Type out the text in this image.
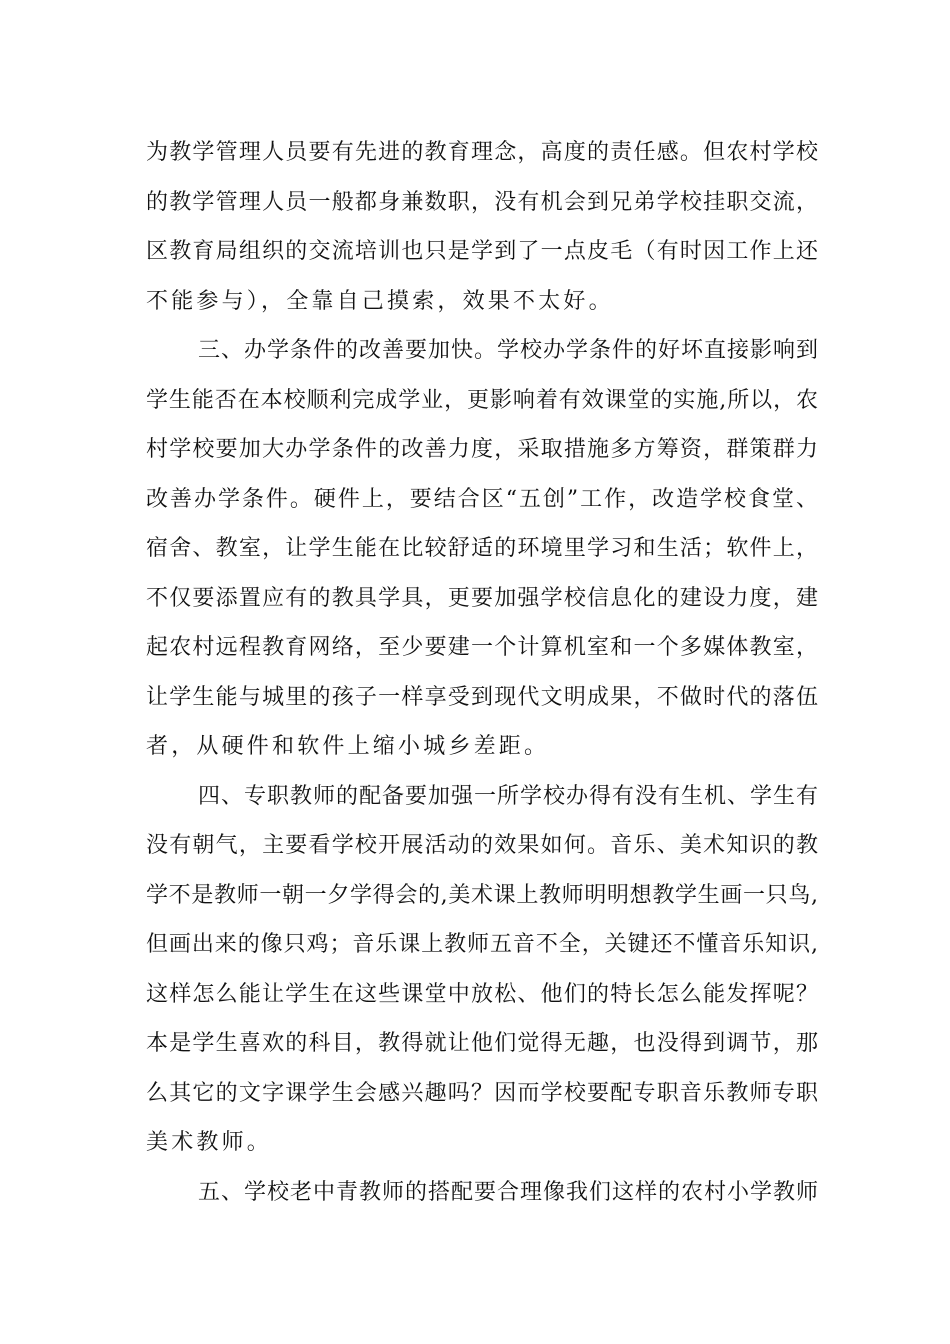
为教学管理人员要有先进的教育理念，高度的责任感。但农村学校
的教学管理人员一般都身兼数职，没有机会到兄弟学校挂职交流，
区教育局组织的交流培训也只是学到了一点皮毛（有时因工作上还
不能参与），全靠自己摸索，效果不太好。
三、办学条件的改善要加快。学校办学条件的好坏直接影响到
学生能否在本校顺利完成学业，更影响着有效课堂的实施,所以，农
村学校要加大办学条件的改善力度，采取措施多方筹资，群策群力
改善办学条件。硬件上，要结合区“五创”工作，改造学校食堂、
宿舍、教室，让学生能在比较舒适的环境里学习和生活；软件上，
不仅要添置应有的教具学具，更要加强学校信息化的建设力度，建
起农村远程教育网络，至少要建一个计算机室和一个多媒体教室，
让学生能与城里的孩子一样享受到现代文明成果，不做时代的落伍
者，从硬件和软件上缩小城乡差距。
四、专职教师的配备要加强一所学校办得有没有生机、学生有
没有朝气，主要看学校开展活动的效果如何。音乐、美术知识的教
学不是教师一朝一夕学得会的,美术课上教师明明想教学生画一只鸟,
但画出来的像只鸡；音乐课上教师五音不全，关键还不懂音乐知识,
这样怎么能让学生在这些课堂中放松、他们的特长怎么能发挥呢？
本是学生喜欢的科目，教得就让他们觉得无趣，也没得到调节，那
么其它的文字课学生会感兴趣吗？因而学校要配专职音乐教师专职
美术教师。
五、学校老中青教师的搭配要合理像我们这样的农村小学教师
